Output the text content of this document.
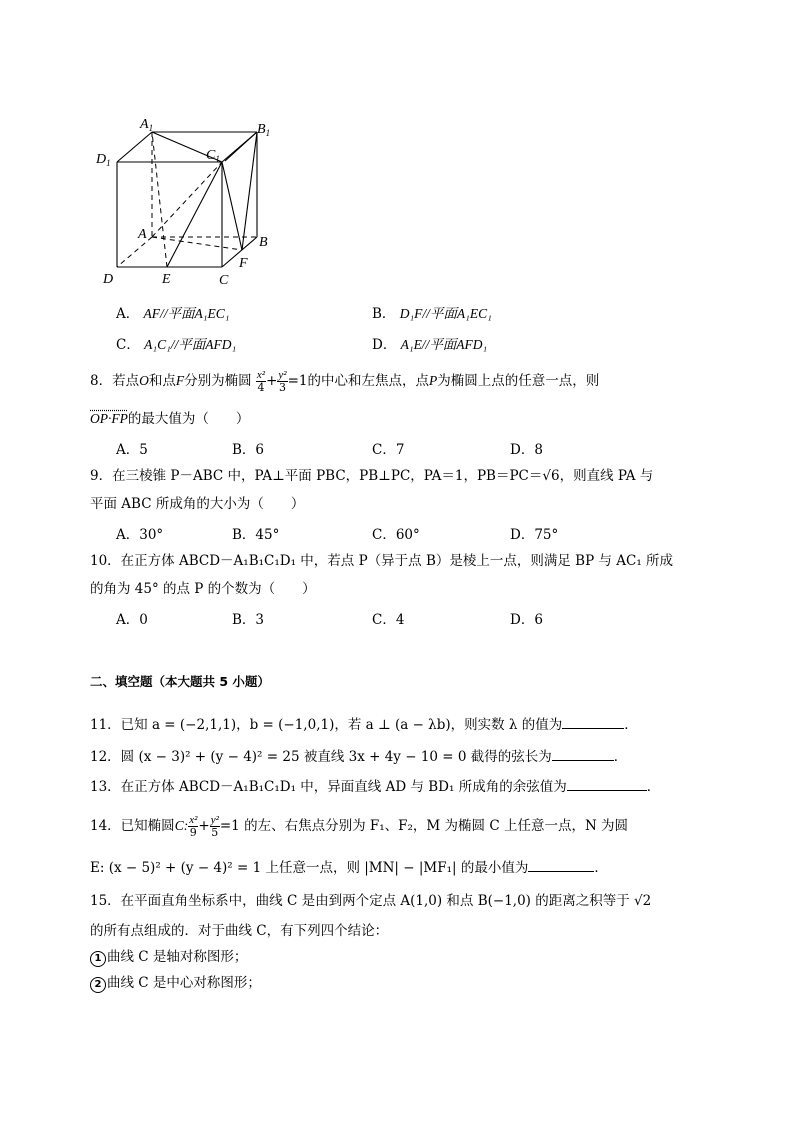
$A_1$	$B_1$
$C_1$
$D_1$
A
B
C
D	E
F
A． AF//平面A₁EC₁	B． D₁F//平面A₁EC₁
C． A₁C₁//平面AFD₁	D． A₁E//平面AFD₁
8．若点O和点F分别为椭圆 $\frac{\text{x²}}{4} + \frac{\text{y²}}{3} =1$的中心和左焦点，点P为椭圆上点的任意一点，则
OP·FP的最大值为（　　）
A．5	B．6	C．7	D．8
9．在三棱锥 P－ABC 中，PA⊥平面 PBC，PB⊥PC，PA＝1，PB＝PC＝√6，则直线 PA 与
平面 ABC 所成角的大小为（　　）
A．30°	B．45°	C．60°	D．75°
10．在正方体 ABCD－A₁B₁C₁D₁ 中，若点 P（异于点 B）是棱上一点，则满足 BP 与 AC₁ 所成
的角为 45° 的点 P 的个数为（　　）
A．0	B．3	C．4	D．6
二、填空题（本大题共 5 小题）
11．已知 a = (−2,1,1)，b = (−1,0,1)，若 a ⊥ (a − λb)，则实数 λ 的值为	．
12．圆 (x − 3)² + (y − 4)² = 25 被直线 3x + 4y − 10 = 0 截得的弦长为	．
13．在正方体 ABCD－A₁B₁C₁D₁ 中，异面直线 AD 与 BD₁ 所成角的余弦值为	．
14．已知椭圆C: $\frac{\text{x²}}{9} + \frac{\text{y²}}{5} =1$ 的左、右焦点分别为 F₁、F₂，M 为椭圆 C 上任意一点，N 为圆
E: (x − 5)² + (y − 4)² = 1 上任意一点，则 |MN| − |MF₁| 的最小值为	．
15．在平面直角坐标系中，曲线 C 是由到两个定点 A(1,0) 和点 B(−1,0) 的距离之积等于 √2
的所有点组成的．对于曲线 C，有下列四个结论：
1 曲线 C 是轴对称图形；
2 曲线 C 是中心对称图形；
